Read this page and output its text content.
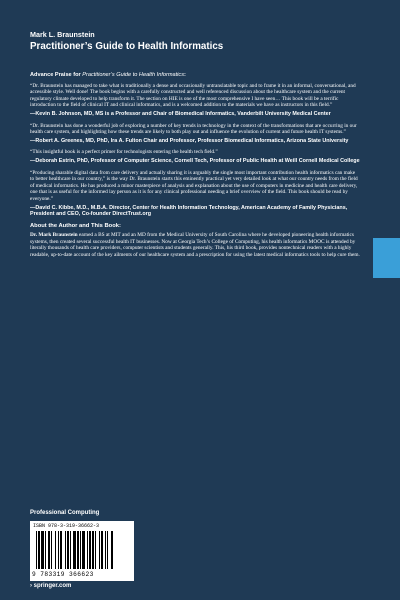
Mark L. Braunstein
Practitioner’s Guide to Health Informatics

Advance Praise for Practitioner’s Guide to Health Informatics:

“Dr. Braunstein has managed to take what is traditionally a dense and occasionally untranslatable topic and to frame it in an informal, conversational, and accessible style. Well done! The book begins with a carefully constructed and well referenced discussion about the healthcare system and the current regulatory climate developed to help transform it. The section on HIE is one of the most comprehensive I have seen… This book will be a terrific introduction to the field of clinical IT and clinical informatics, and is a welcomed addition to the materials we have as instructors in this field.”

—Kevin B. Johnson, MD, MS is a Professor and Chair of Biomedical Informatics, Vanderbilt University Medical Center

“Dr. Braunstein has done a wonderful job of exploring a number of key trends in technology in the context of the transformations that are occurring in our health care system, and highlighting how these trends are likely to both play out and influence the evolution of current and future health IT systems.”

—Robert A. Greenes, MD, PhD, Ira A. Fulton Chair and Professor, Professor Biomedical Informatics, Arizona State University

“This insightful book is a perfect primer for technologists entering the health tech field.”

—Deborah Estrin, PhD, Professor of Computer Science, Cornell Tech, Professor of Public Health at Weill Cornell Medical College

“Producing sharable digital data from care delivery and actually sharing it is arguably the single most important contribution health informatics can make to better healthcare in our country,” is the way Dr. Braunstein starts this eminently practical yet very detailed look at what our country needs from the field of medical informatics. He has produced a minor masterpiece of analysis and explanation about the use of computers in medicine and health care delivery, one that is as useful for the informed lay person as it is for any clinical professional needing a brief overview of the field. This book should be read by everyone.”

—David C. Kibbe, M.D., M.B.A. Director, Center for Health Information Technology, American Academy of Family Physicians, President and CEO, Co-founder DirectTrust.org

About the Author and This Book:

Dr. Mark Braunstein earned a BS at MIT and an MD from the Medical University of South Carolina where he developed pioneering health informatics systems, then created several successful health IT businesses. Now at Georgia Tech’s College of Computing, his health informatics MOOC is attended by literally thousands of health care providers, computer scientists and students generally. This, his third book, provides nontechnical readers with a highly readable, up-to-date account of the key ailments of our healthcare system and a prescription for using the latest medical informatics tools to help cure them.

Professional Computing
ISBN 978-3-319-36662-3
9 783319 366623
› springer.com
